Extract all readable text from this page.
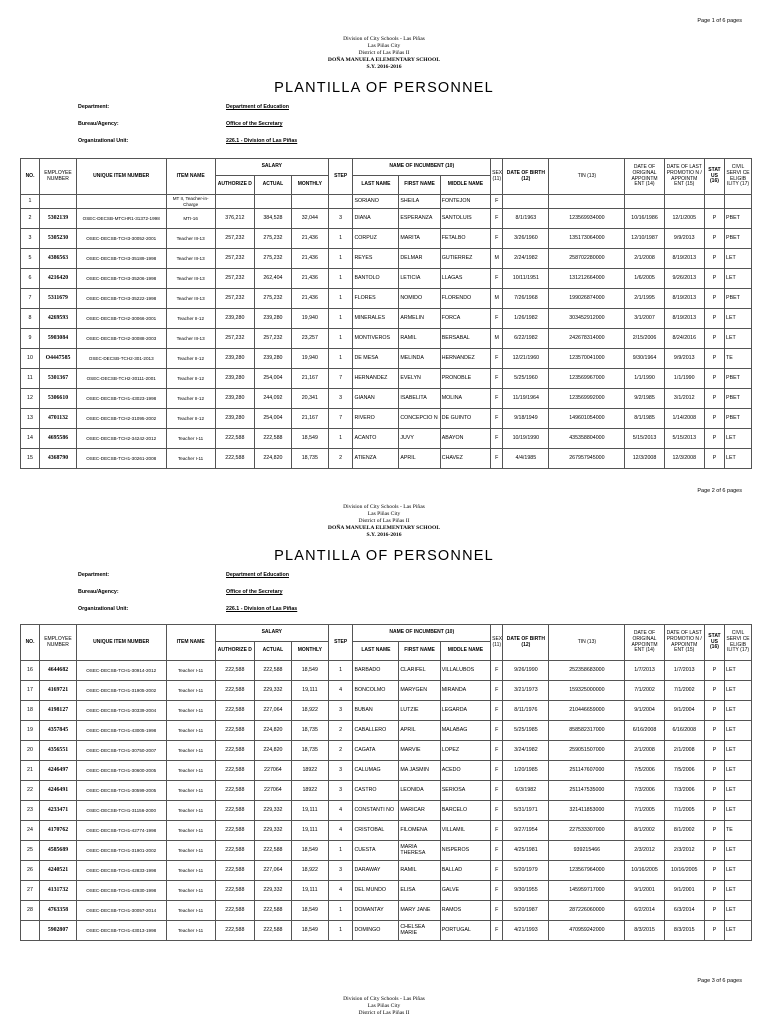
Page 1 of 6 pages
Division of City Schools - Las Piñas
Las Piñas City
District of Las Piñas II
DOÑA MANUELA ELEMENTARY SCHOOL
S.Y. 2016-2016
PLANTILLA OF PERSONNEL
Department:	Department of Education
Bureau/Agency:	Office of the Secretary
Organizational Unit:	226.1 - Division of Las Piñas
NO.	EMPLOYEE NUMBER	UNIQUE ITEM NUMBER	ITEM NAME	SALARY			STEP	NAME OF INCUMBENT (10)			SEX (11)	DATE OF BIRTH (12)	TIN (13)	DATE OF ORIGINAL APPOINTM ENT (14)	DATE OF LAST PROMOTIO N / APPOINTM ENT (15)	STAT US (16)	CIVIL SERVI CE ELIGIB ILITY (17)
				AUTHORIZE D	ACTUAL	MONTHLY		LAST NAME	FIRST NAME	MIDDLE NAME							
1			MT II, Teacher-in-Charge					SORIANO	SHEILA	FONTEJON	F						
2	5302139	OSEC-DECSB-MTCHR1-31372-1998	MTI-16	376,212	384,528	32,044	3	DIANA	ESPERANZA	SANTOLUIS	F	8/1/1963	123569934000	10/16/1986	12/1/2005	P	PBET
3	5305230	OSEC-DECSB-TCH3-30052-2001	Teacher III-13	257,232	275,232	21,436	1	CORPUZ	MARITA	FETALBO	F	3/26/1960	135173064000	12/10/1987	9/9/2013	P	PBET
5	4386563	OSEC-DECSB-TCH3-35189-1998	Teacher III-13	257,232	275,232	21,436	1	REYES	DELMAR	GUTIERREZ	M	2/24/1982	258702280000	2/1/2008	8/19/2013	P	LET
6	4216420	OSEC-DECSB-TCH3-35206-1998	Teacher III-13	257,232	262,404	21,436	1	BANTOLO	LETICIA	LLAGAS	F	10/11/1951	131212664000	1/6/2005	9/26/2013	P	LET
7	5311679	OSEC-DECSB-TCH3-35222-1998	Teacher III-13	257,232	275,232	21,436	1	FLORES	NOMIDO	FLORENDO	M	7/26/1968	199026874000	2/1/1995	8/19/2013	P	PBET
8	4269593	OSEC-DECSB-TCH2-30066-2001	Teacher II-12	239,280	239,280	19,940	1	MINERALES	ARMELIN	FORCA	F	1/26/1982	303452912000	3/1/2007	8/19/2013	P	LET
9	5903084	OSEC-DECSB-TCH2-30088-2003	Teacher III-13	257,232	257,232	23,257	1	MONTIVEROS	RAMIL	BERSABAL	M	6/22/1982	242678314000	2/15/2006	8/24/2016	P	LET
10	O4447585	OSEC-DECSB-TCH2-301-2013	Teacher II-12	239,280	239,280	19,940	1	DE MESA	MELINDA	HERNANDEZ	F	12/21/1960	123570041000	9/30/1964	9/9/2013	P	TE
11	5301367	OSEC-DECSB-TCH2-30111-2001	Teacher II-12	239,280	254,004	21,167	7	HERNANDEZ	EVELYN	PRONOBLE	F	5/25/1960	123569967000	1/1/1990	1/1/1990	P	PBET
12	5306610	OSEC-DECSB-TCH1-43023-1998	Teacher II-12	239,280	244,092	20,341	3	GIANAN	ISABELITA	MOLINA	F	11/19/1964	123569992000	9/2/1985	3/1/2012	P	PBET
13	4701132	OSEC-DECSB-TCH2-31095-2002	Teacher II-12	239,280	254,004	21,167	7	RIVERO	CONCEPCIO N	DE GUINTO	F	9/18/1949	149601054000	8/1/1985	1/14/2008	P	PBET
14	4695586	OSEC-DECSB-TCH2-34242-2012	Teacher I-11	222,588	222,588	18,549	1	ACANTO	JUVY	ABAYON	F	10/19/1990	435358804000	5/15/2013	5/15/2013	P	LET
15	4368790	OSEC-DECSB-TCH1-30261-2008	Teacher I-11	222,588	224,820	18,735	2	ATIENZA	APRIL	CHAVEZ	F	4/4/1985	267957945000	12/3/2008	12/3/2008	P	LET
Page 2 of 6 pages
Division of City Schools - Las Piñas
Las Piñas City
District of Las Piñas II
DOÑA MANUELA ELEMENTARY SCHOOL
S.Y. 2016-2016
PLANTILLA OF PERSONNEL
Department:	Department of Education
Bureau/Agency:	Office of the Secretary
Organizational Unit:	226.1 - Division of Las Piñas
NO.	EMPLOYEE NUMBER	UNIQUE ITEM NUMBER	ITEM NAME	SALARY			STEP	NAME OF INCUMBENT (10)			SEX (11)	DATE OF BIRTH (12)	TIN (13)	DATE OF ORIGINAL APPOINTM ENT (14)	DATE OF LAST PROMOTIO N / APPOINTM ENT (15)	STAT US (16)	CIVIL SERVI CE ELIGIB ILITY (17)
				AUTHORIZE D	ACTUAL	MONTHLY		LAST NAME	FIRST NAME	MIDDLE NAME							
16	4644682	OSEC-DECSB-TCH1-30914-2012	Teacher I-11	222,588	222,588	18,549	1	BARBADO	CLARIFEL	VILLALUBOS	F	9/26/1990	252358683000	1/7/2013	1/7/2013	P	LET
17	4169721	OSEC-DECSB-TCH1-31905-2002	Teacher I-11	222,588	229,332	19,111	4	BONCOLMO	MARYGEN	MIRANDA	F	3/21/1973	159325000000	7/1/2002	7/1/2002	P	LET
18	4198127	OSEC-DECSB-TCH1-30339-2004	Teacher I-11	222,588	227,064	18,922	3	BUBAN	LUTZIE	LEGARDA	F	8/11/1976	210446659000	9/1/2004	9/1/2004	P	LET
19	4357845	OSEC-DECSB-TCH1-43005-1998	Teacher I-11	222,588	224,820	18,735	2	CABALLERO	APRIL	MALABAG	F	5/25/1985	858582317000	6/16/2008	6/16/2008	P	LET
20	4356551	OSEC-DECSB-TCH1-30750-2007	Teacher I-11	222,588	224,820	18,735	2	CAGATA	MARVIE	LOPEZ	F	3/24/1982	259051507000	2/1/2008	2/1/2008	P	LET
21	4246497	OSEC-DECSB-TCH1-30600-2005	Teacher I-11	222,588	227064	18922	3	CALUMAG	MA JASMIN	ACEDO	F	1/20/1985	251147607000	7/5/2006	7/5/2006	P	LET
22	4246491	OSEC-DECSB-TCH1-30599-2005	Teacher I-11	222,588	227064	18922	3	CASTRO	LEONIDA	SERIOSA	F	6/3/1982	251147535000	7/3/2006	7/3/2006	P	LET
23	4233471	OSEC-DECSB-TCH1-31156-2000	Teacher I-11	222,588	229,332	19,111	4	CONSTANTI NO	MARICAR	BARCELO	F	5/31/1971	321411853000	7/1/2005	7/1/2005	P	LET
24	4170762	OSEC-DECSB-TCH1-42774-1998	Teacher I-11	222,588	229,332	19,111	4	CRISTOBAL	FILOMENA	VILLAMIL	F	9/27/1954	227533307000	8/1/2002	8/1/2002	P	TE
25	4585689	OSEC-DECSB-TCH1-31901-2002	Teacher I-11	222,588	222,588	18,549	1	CUESTA	MARIA THERESA	NISPEROS	F	4/25/1981	939215466	2/3/2012	2/3/2012	P	LET
26	4240521	OSEC-DECSB-TCH1-42833-1998	Teacher I-11	222,588	227,064	18,922	3	DARAWAY	RAMIL	BALLAD	F	5/20/1979	123567964000	10/16/2005	10/16/2005	P	LET
27	4131732	OSEC-DECSB-TCH1-42930-1998	Teacher I-11	222,588	229,332	19,111	4	DEL MUNDO	ELISA	GALVE	F	9/30/1955	145959717000	9/1/2001	9/1/2001	P	LET
28	4763358	OSEC-DECSB-TCH1-30057-2014	Teacher I-11	222,588	222,588	18,549	1	DOMANTAY	MARY JANE	RAMOS	F	5/20/1987	287226060000	6/2/2014	6/3/2014	P	LET
	5902807	OSEC-DECSB-TCH1-43013-1998	Teacher I-11	222,588	222,588	18,549	1	DOMINGO	CHELSEA MARIE	PORTUGAL	F	4/21/1993	470959242000	8/3/2015	8/3/2015	P	LET
Page 3 of 6 pages
Division of City Schools - Las Piñas
Las Piñas City
District of Las Piñas II
